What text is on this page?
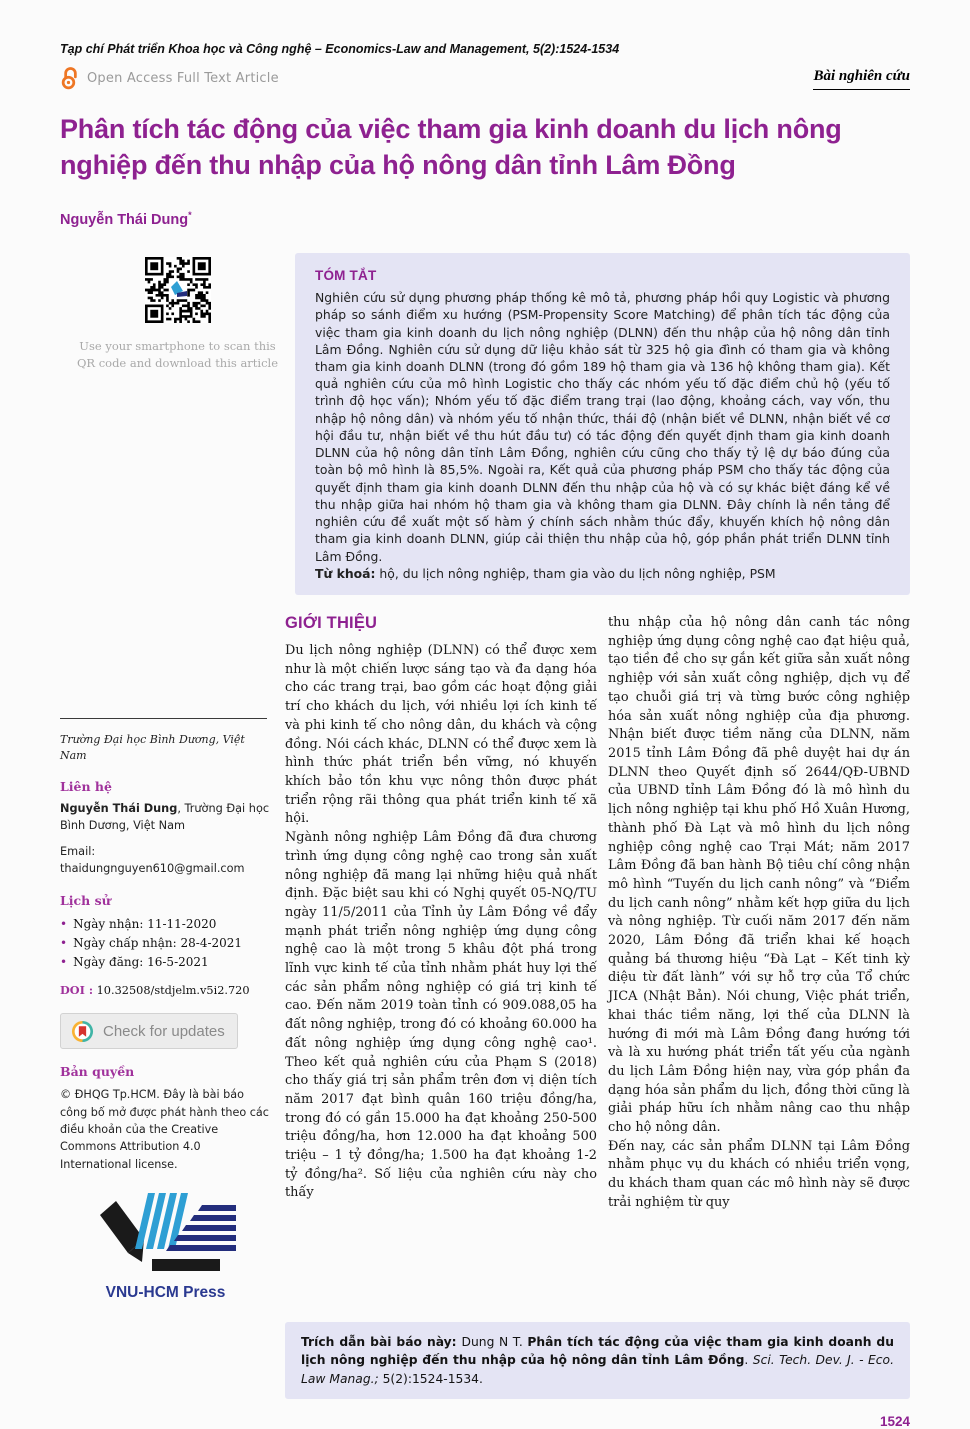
Tạp chí Phát triển Khoa học và Công nghệ – Economics-Law and Management, 5(2):1524-1534
Open Access Full Text Article	Bài nghiên cứu
Phân tích tác động của việc tham gia kinh doanh du lịch nông nghiệp đến thu nhập của hộ nông dân tỉnh Lâm Đồng
Nguyễn Thái Dung*
Use your smartphone to scan this QR code and download this article
TÓM TẮT
Nghiên cứu sử dụng phương pháp thống kê mô tả, phương pháp hồi quy Logistic và phương pháp so sánh điểm xu hướng (PSM-Propensity Score Matching) để phân tích tác động của việc tham gia kinh doanh du lịch nông nghiệp (DLNN) đến thu nhập của hộ nông dân tỉnh Lâm Đồng. Nghiên cứu sử dụng dữ liệu khảo sát từ 325 hộ gia đình có tham gia và không tham gia kinh doanh DLNN (trong đó gồm 189 hộ tham gia và 136 hộ không tham gia). Kết quả nghiên cứu của mô hình Logistic cho thấy các nhóm yếu tố đặc điểm chủ hộ (yếu tố trình độ học vấn); Nhóm yếu tố đặc điểm trang trại (lao động, khoảng cách, vay vốn, thu nhập hộ nông dân) và nhóm yếu tố nhận thức, thái độ (nhận biết về DLNN, nhận biết về cơ hội đầu tư, nhận biết về thu hút đầu tư) có tác động đến quyết định tham gia kinh doanh DLNN của hộ nông dân tỉnh Lâm Đồng, nghiên cứu cũng cho thấy tỷ lệ dự báo đúng của toàn bộ mô hình là 85,5%. Ngoài ra, Kết quả của phương pháp PSM cho thấy tác động của quyết định tham gia kinh doanh DLNN đến thu nhập của hộ và có sự khác biệt đáng kể về thu nhập giữa hai nhóm hộ tham gia và không tham gia DLNN. Đây chính là nền tảng để nghiên cứu đề xuất một số hàm ý chính sách nhằm thúc đẩy, khuyến khích hộ nông dân tham gia kinh doanh DLNN, giúp cải thiện thu nhập của hộ, góp phần phát triển DLNN tỉnh Lâm Đồng.
Từ khoá: hộ, du lịch nông nghiệp, tham gia vào du lịch nông nghiệp, PSM
Trường Đại học Bình Dương, Việt Nam
Liên hệ
Nguyễn Thái Dung, Trường Đại học Bình Dương, Việt Nam
Email: thaidungnguyen610@gmail.com
Lịch sử
• Ngày nhận: 11-11-2020
• Ngày chấp nhận: 28-4-2021
• Ngày đăng: 16-5-2021
DOI : 10.32508/stdjelm.v5i2.720
Check for updates
Bản quyền
© ĐHQG Tp.HCM. Đây là bài báo công bố mở được phát hành theo các điều khoản của the Creative Commons Attribution 4.0 International license.
VNU-HCM Press
GIỚI THIỆU

Du lịch nông nghiệp (DLNN) có thể được xem như là một chiến lược sáng tạo và đa dạng hóa cho các trang trại, bao gồm các hoạt động giải trí cho khách du lịch, với nhiều lợi ích kinh tế và phi kinh tế cho nông dân, du khách và cộng đồng. Nói cách khác, DLNN có thể được xem là hình thức phát triển bền vững, nó khuyến khích bảo tồn khu vực nông thôn được phát triển rộng rãi thông qua phát triển kinh tế xã hội.

Ngành nông nghiệp Lâm Đồng đã đưa chương trình ứng dụng công nghệ cao trong sản xuất nông nghiệp đã mang lại những hiệu quả nhất định. Đặc biệt sau khi có Nghị quyết 05-NQ/TU ngày 11/5/2011 của Tỉnh ủy Lâm Đồng về đẩy mạnh phát triển nông nghiệp ứng dụng công nghệ cao là một trong 5 khâu đột phá trong lĩnh vực kinh tế của tỉnh nhằm phát huy lợi thế các sản phẩm nông nghiệp có giá trị kinh tế cao. Đến năm 2019 toàn tỉnh có 909.088,05 ha đất nông nghiệp, trong đó có khoảng 60.000 ha đất nông nghiệp ứng dụng công nghệ cao¹. Theo kết quả nghiên cứu của Phạm S (2018) cho thấy giá trị sản phẩm trên đơn vị diện tích năm 2017 đạt bình quân 160 triệu đồng/ha, trong đó có gần 15.000 ha đạt khoảng 250-500 triệu đồng/ha, hơn 12.000 ha đạt khoảng 500 triệu – 1 tỷ đồng/ha; 1.500 ha đạt khoảng 1-2 tỷ đồng/ha². Số liệu của nghiên cứu này cho thấy

thu nhập của hộ nông dân canh tác nông nghiệp ứng dụng công nghệ cao đạt hiệu quả, tạo tiền đề cho sự gắn kết giữa sản xuất nông nghiệp với sản xuất công nghiệp, dịch vụ để tạo chuỗi giá trị và từng bước công nghiệp hóa sản xuất nông nghiệp của địa phương. Nhận biết được tiềm năng của DLNN, năm 2015 tỉnh Lâm Đồng đã phê duyệt hai dự án DLNN theo Quyết định số 2644/QĐ-UBND của UBND tỉnh Lâm Đồng đó là mô hình du lịch nông nghiệp tại khu phố Hồ Xuân Hương, thành phố Đà Lạt và mô hình du lịch nông nghiệp công nghệ cao Trại Mát; năm 2017 Lâm Đồng đã ban hành Bộ tiêu chí công nhận mô hình “Tuyến du lịch canh nông” và “Điểm du lịch canh nông” nhằm kết hợp giữa du lịch và nông nghiệp. Từ cuối năm 2017 đến năm 2020, Lâm Đồng đã triển khai kế hoạch quảng bá thương hiệu “Đà Lạt – Kết tinh kỳ diệu từ đất lành” với sự hỗ trợ của Tổ chức JICA (Nhật Bản). Nói chung, Việc phát triển, khai thác tiềm năng, lợi thế của DLNN là hướng đi mới mà Lâm Đồng đang hướng tới và là xu hướng phát triển tất yếu của ngành du lịch Lâm Đồng hiện nay, vừa góp phần đa dạng hóa sản phẩm du lịch, đồng thời cũng là giải pháp hữu ích nhằm nâng cao thu nhập cho hộ nông dân.

Đến nay, các sản phẩm DLNN tại Lâm Đồng nhằm phục vụ du khách có nhiều triển vọng, du khách tham quan các mô hình này sẽ được trải nghiệm từ quy

Trích dẫn bài báo này: Dung N T. Phân tích tác động của việc tham gia kinh doanh du lịch nông nghiệp đến thu nhập của hộ nông dân tỉnh Lâm Đồng. Sci. Tech. Dev. J. - Eco. Law Manag.; 5(2):1524-1534.
1524
